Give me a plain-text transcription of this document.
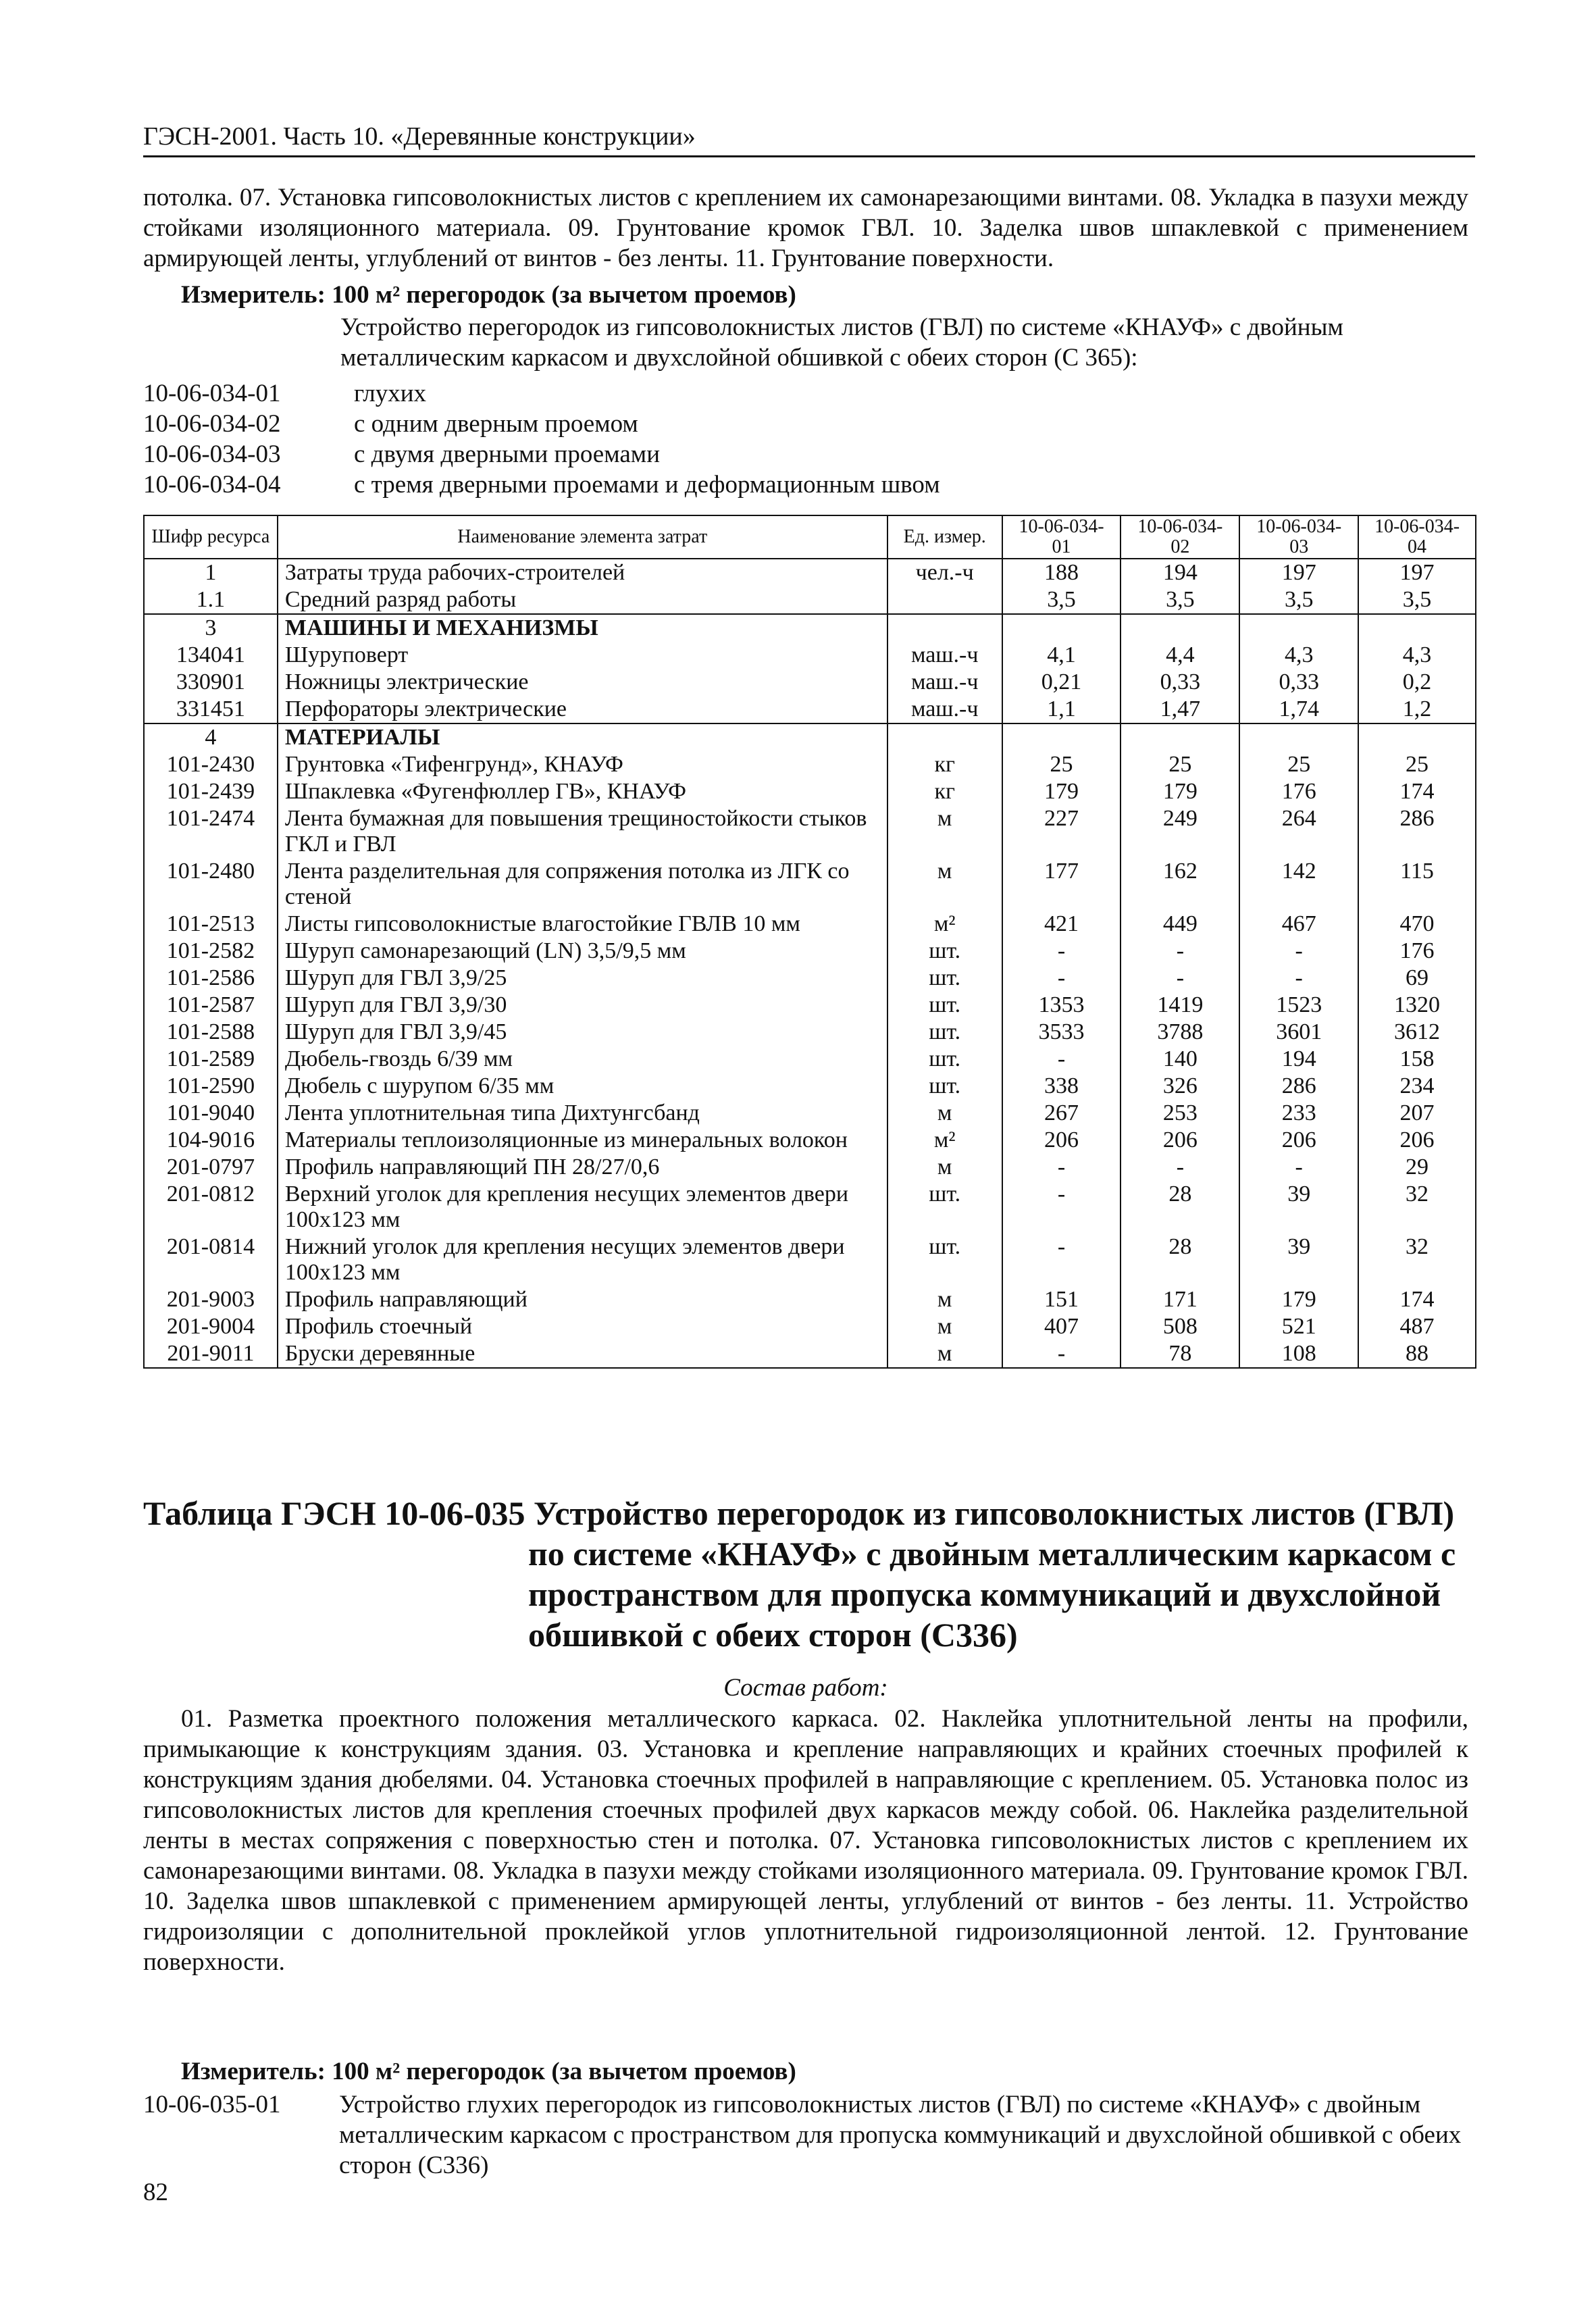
ГЭСН-2001. Часть 10. «Деревянные конструкции»
потолка. 07. Установка гипсоволокнистых листов с креплением их самонарезающими винтами. 08. Укладка в пазухи между стойками изоляционного материала. 09. Грунтование кромок ГВЛ. 10. Заделка швов шпаклевкой с применением армирующей ленты, углублений от винтов - без ленты. 11. Грунтование поверхности.
Измеритель: 100 м² перегородок (за вычетом проемов)
Устройство перегородок из гипсоволокнистых листов (ГВЛ) по системе «КНАУФ» с двойным металлическим каркасом и двухслойной обшивкой с обеих сторон (С 365):
10-06-034-01	глухих
10-06-034-02	с одним дверным проемом
10-06-034-03	с двумя дверными проемами
10-06-034-04	с тремя дверными проемами и деформационным швом
Шифр ресурса	Наименование элемента затрат	Ед. измер.	10-06-034-01	10-06-034-02	10-06-034-03	10-06-034-04
1	Затраты труда рабочих-строителей	чел.-ч	188	194	197	197
1.1	Средний разряд работы		3,5	3,5	3,5	3,5
3	МАШИНЫ И МЕХАНИЗМЫ					
134041	Шуруповерт	маш.-ч	4,1	4,4	4,3	4,3
330901	Ножницы электрические	маш.-ч	0,21	0,33	0,33	0,2
331451	Перфораторы электрические	маш.-ч	1,1	1,47	1,74	1,2
4	МАТЕРИАЛЫ					
101-2430	Грунтовка «Тифенгрунд», КНАУФ	кг	25	25	25	25
101-2439	Шпаклевка «Фугенфюллер ГВ», КНАУФ	кг	179	179	176	174
101-2474	Лента бумажная для повышения трещиностойкости стыков ГКЛ и ГВЛ	м	227	249	264	286
101-2480	Лента разделительная для сопряжения потолка из ЛГК со стеной	м	177	162	142	115
101-2513	Листы гипсоволокнистые влагостойкие ГВЛВ 10 мм	м²	421	449	467	470
101-2582	Шуруп самонарезающий (LN) 3,5/9,5 мм	шт.	-	-	-	176
101-2586	Шуруп для ГВЛ 3,9/25	шт.	-	-	-	69
101-2587	Шуруп для ГВЛ 3,9/30	шт.	1353	1419	1523	1320
101-2588	Шуруп для ГВЛ 3,9/45	шт.	3533	3788	3601	3612
101-2589	Дюбель-гвоздь 6/39 мм	шт.	-	140	194	158
101-2590	Дюбель с шурупом 6/35 мм	шт.	338	326	286	234
101-9040	Лента уплотнительная типа Дихтунгсбанд	м	267	253	233	207
104-9016	Материалы теплоизоляционные из минеральных волокон	м²	206	206	206	206
201-0797	Профиль направляющий ПН 28/27/0,6	м	-	-	-	29
201-0812	Верхний уголок для крепления несущих элементов двери 100x123 мм	шт.	-	28	39	32
201-0814	Нижний уголок для крепления несущих элементов двери 100x123 мм	шт.	-	28	39	32
201-9003	Профиль направляющий	м	151	171	179	174
201-9004	Профиль стоечный	м	407	508	521	487
201-9011	Бруски деревянные	м	-	78	108	88
Таблица ГЭСН 10-06-035 Устройство перегородок из гипсоволокнистых листов (ГВЛ)
по системе «КНАУФ» с двойным металлическим каркасом с пространством для пропуска коммуникаций и двухслойной обшивкой с обеих сторон (С336)
Состав работ:
01. Разметка проектного положения металлического каркаса. 02. Наклейка уплотнительной ленты на профили, примыкающие к конструкциям здания. 03. Установка и крепление направляющих и крайних стоечных профилей к конструкциям здания дюбелями. 04. Установка стоечных профилей в направляющие с креплением. 05. Установка полос из гипсоволокнистых листов для крепления стоечных профилей двух каркасов между собой. 06. Наклейка разделительной ленты в местах сопряжения с поверхностью стен и потолка. 07. Установка гипсоволокнистых листов с креплением их самонарезающими винтами. 08. Укладка в пазухи между стойками изоляционного материала. 09. Грунтование кромок ГВЛ. 10. Заделка швов шпаклевкой с применением армирующей ленты, углублений от винтов - без ленты. 11. Устройство гидроизоляции с дополнительной проклейкой углов уплотнительной гидроизоляционной лентой. 12. Грунтование поверхности.
Измеритель: 100 м² перегородок (за вычетом проемов)
10-06-035-01	Устройство глухих перегородок из гипсоволокнистых листов (ГВЛ) по системе «КНАУФ» с двойным металлическим каркасом с пространством для пропуска коммуникаций и двухслойной обшивкой с обеих сторон (С336)
82
